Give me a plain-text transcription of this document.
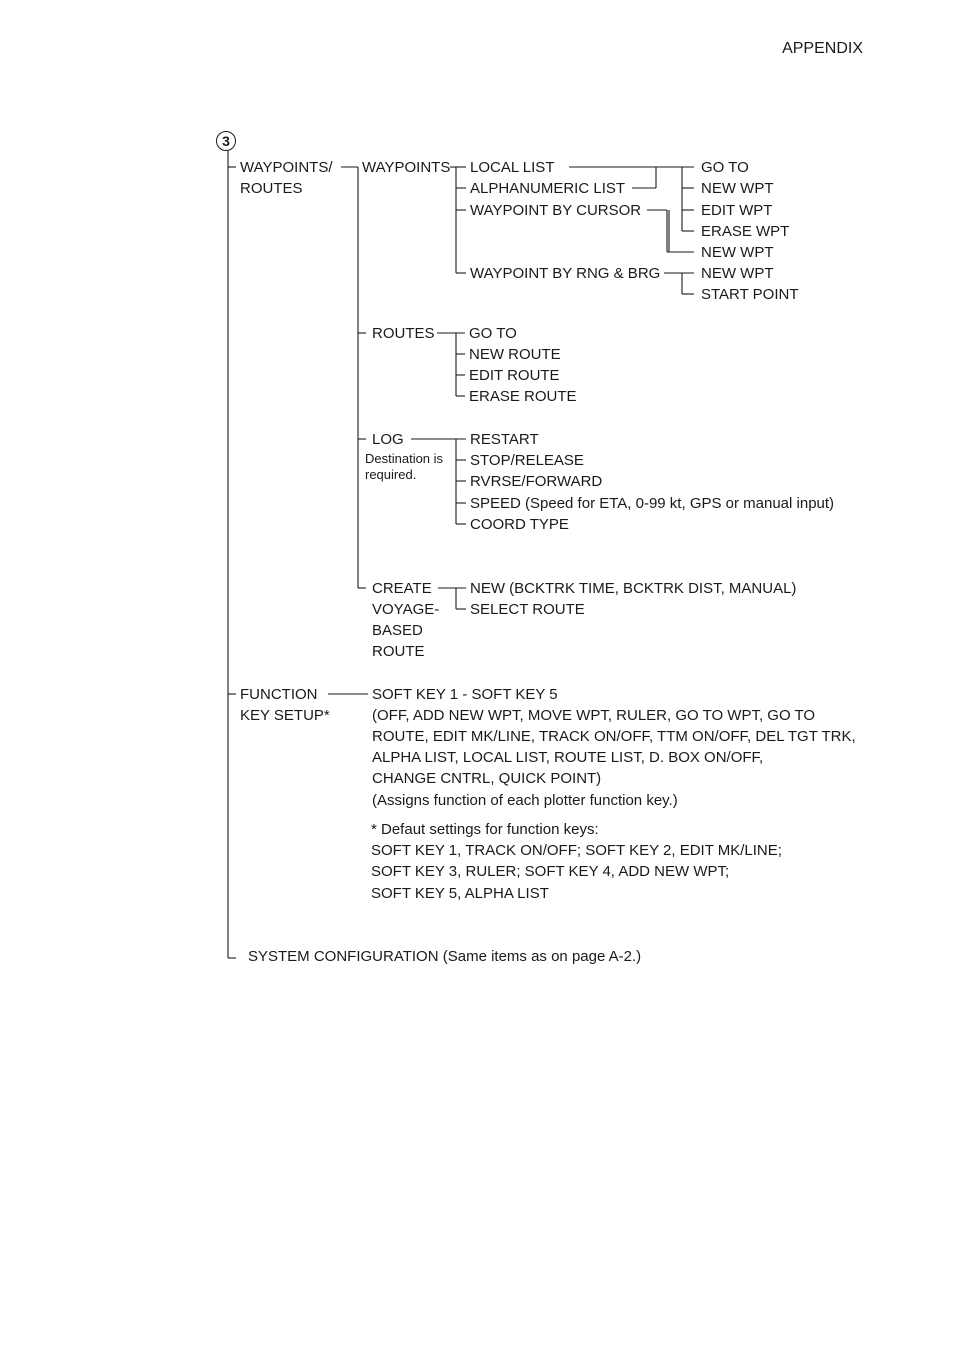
APPENDIX
3
WAYPOINTS/
ROUTES
WAYPOINTS LOCAL LIST
ALPHANUMERIC LIST
WAYPOINT BY CURSOR
WAYPOINT BY RNG & BRG
GO TO
NEW WPT
EDIT WPT
ERASE WPT
NEW WPT
NEW WPT
START POINT
ROUTES GO TO
NEW ROUTE
EDIT ROUTE
ERASE ROUTE
LOG
Destination is
required.
RESTART
STOP/RELEASE
RVRSE/FORWARD
SPEED (Speed for ETA, 0-99 kt, GPS or manual input)
COORD TYPE
CREATE
VOYAGE-
BASED
ROUTE
NEW (BCKTRK TIME, BCKTRK DIST, MANUAL)
SELECT ROUTE
FUNCTION
KEY SETUP*
SOFT KEY 1 - SOFT KEY 5
(OFF, ADD NEW WPT, MOVE WPT, RULER, GO TO WPT, GO TO
ROUTE, EDIT MK/LINE, TRACK ON/OFF, TTM ON/OFF, DEL TGT TRK,
ALPHA LIST, LOCAL LIST, ROUTE LIST, D. BOX ON/OFF,
CHANGE CNTRL, QUICK POINT)
(Assigns function of each plotter function key.)
* Defaut settings for function keys:
SOFT KEY 1, TRACK ON/OFF; SOFT KEY 2, EDIT MK/LINE;
SOFT KEY 3, RULER; SOFT KEY 4, ADD NEW WPT;
SOFT KEY 5, ALPHA LIST
SYSTEM CONFIGURATION (Same items as on page A-2.)
